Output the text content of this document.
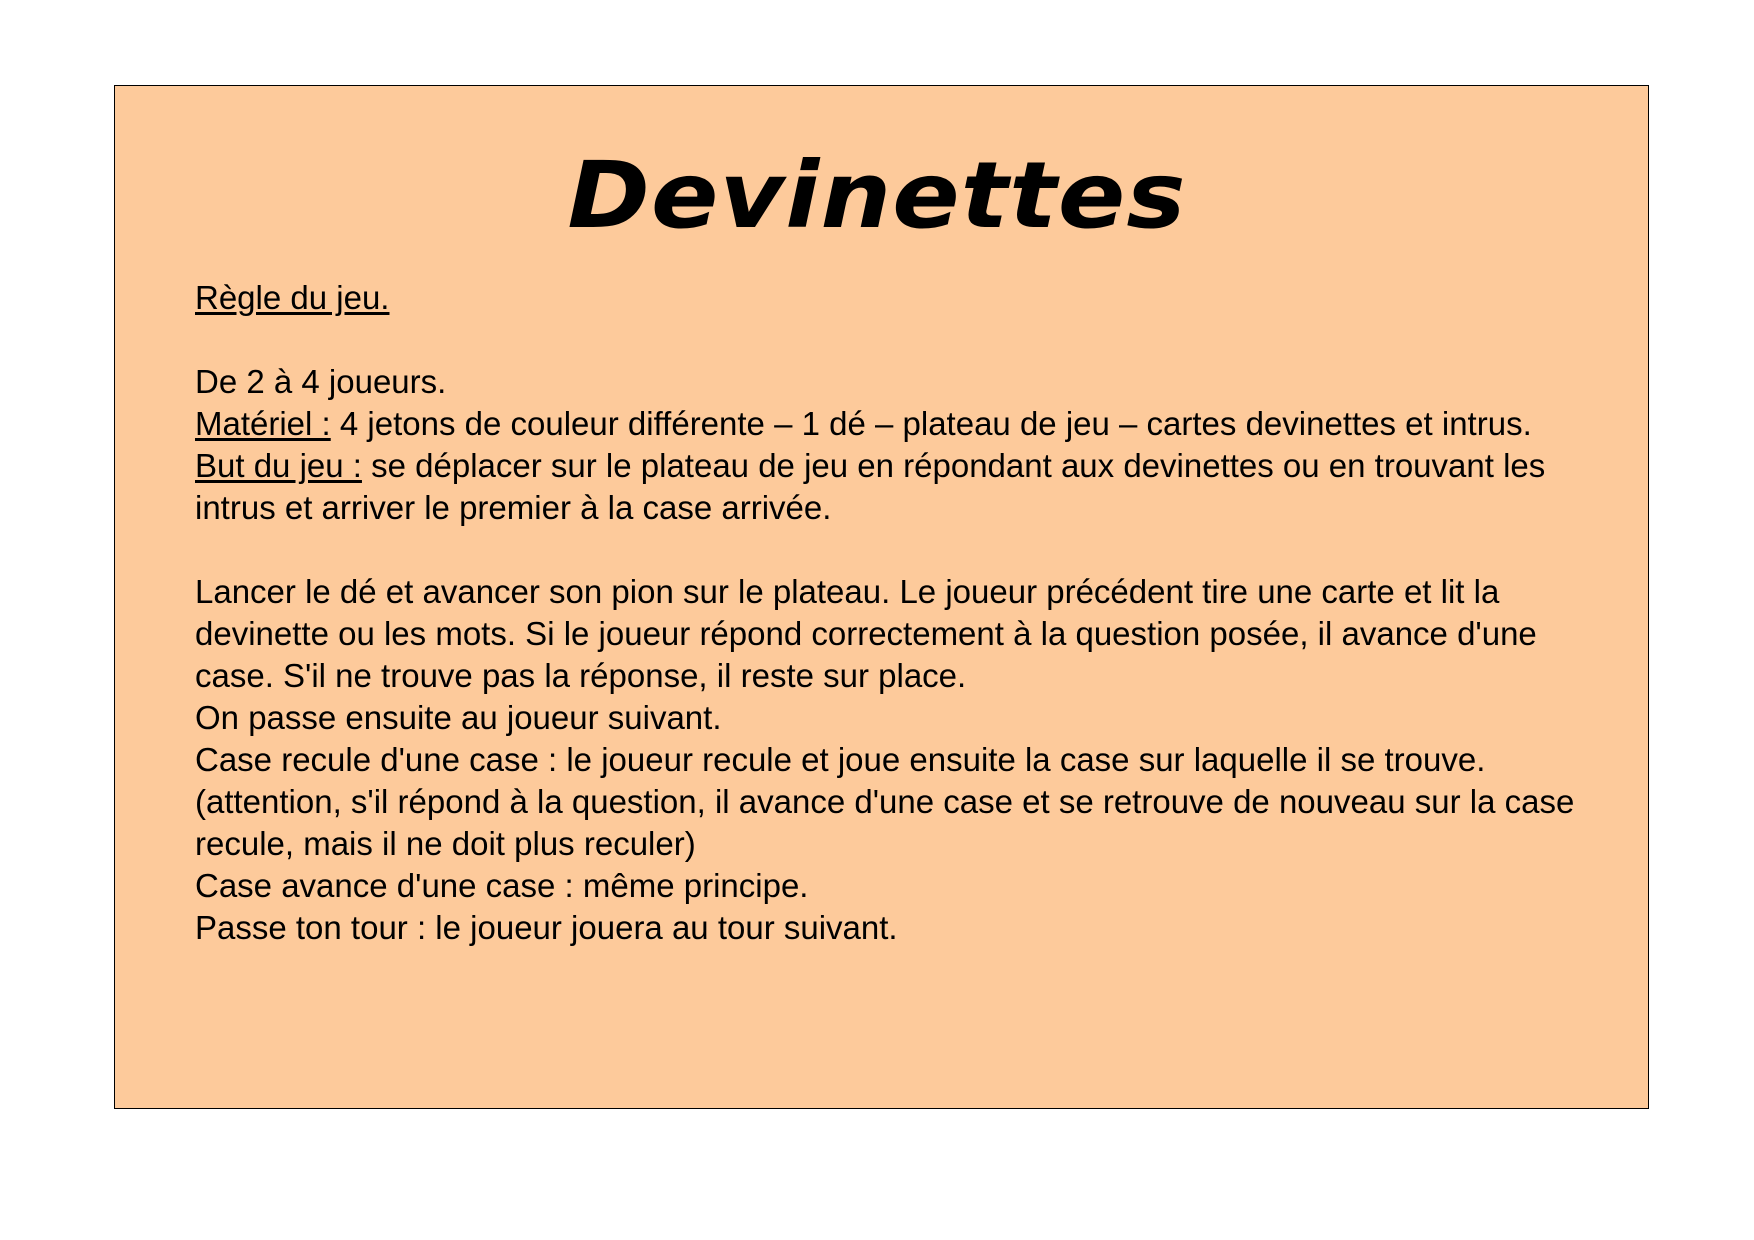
Devinettes

Règle du jeu.

De 2 à 4 joueurs.

Matériel : 4 jetons de couleur différente – 1 dé – plateau de jeu – cartes devinettes et intrus.

But du jeu : se déplacer sur le plateau de jeu en répondant aux devinettes ou en trouvant les intrus et arriver le premier à la case arrivée.

Lancer le dé et avancer son pion sur le plateau. Le joueur précédent tire une carte et lit la devinette ou les mots. Si le joueur répond correctement à la question posée, il avance d'une case. S'il ne trouve pas la réponse, il reste sur place.

On passe ensuite au joueur suivant.

Case recule d'une case : le joueur recule et joue ensuite la case sur laquelle il se trouve. (attention, s'il répond à la question, il avance d'une case et se retrouve de nouveau sur la case recule, mais il ne doit plus reculer)

Case avance d'une case : même principe.

Passe ton tour : le joueur jouera au tour suivant.
